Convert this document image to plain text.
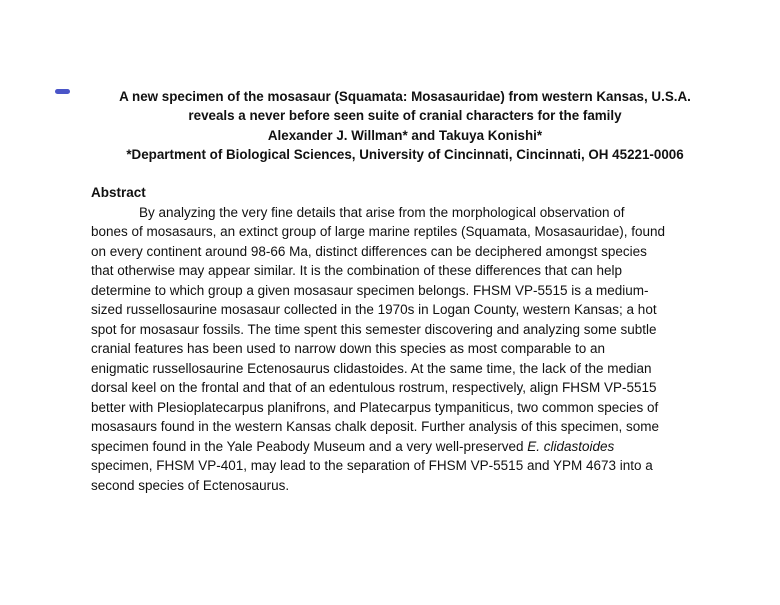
A new specimen of the mosasaur (Squamata: Mosasauridae) from western Kansas, U.S.A.
reveals a never before seen suite of cranial characters for the family
Alexander J. Willman* and Takuya Konishi*
*Department of Biological Sciences, University of Cincinnati, Cincinnati, OH 45221-0006

Abstract

By analyzing the very fine details that arise from the morphological observation of
bones of mosasaurs, an extinct group of large marine reptiles (Squamata, Mosasauridae), found
on every continent around 98-66 Ma, distinct differences can be deciphered amongst species
that otherwise may appear similar. It is the combination of these differences that can help
determine to which group a given mosasaur specimen belongs. FHSM VP-5515 is a medium-
sized russellosaurine mosasaur collected in the 1970s in Logan County, western Kansas; a hot
spot for mosasaur fossils. The time spent this semester discovering and analyzing some subtle
cranial features has been used to narrow down this species as most comparable to an
enigmatic russellosaurine Ectenosaurus clidastoides. At the same time, the lack of the median
dorsal keel on the frontal and that of an edentulous rostrum, respectively, align FHSM VP-5515
better with Plesioplatecarpus planifrons, and Platecarpus tympaniticus, two common species of
mosasaurs found in the western Kansas chalk deposit. Further analysis of this specimen, some
specimen found in the Yale Peabody Museum and a very well-preserved E. clidastoides
specimen, FHSM VP-401, may lead to the separation of FHSM VP-5515 and YPM 4673 into a
second species of Ectenosaurus.
